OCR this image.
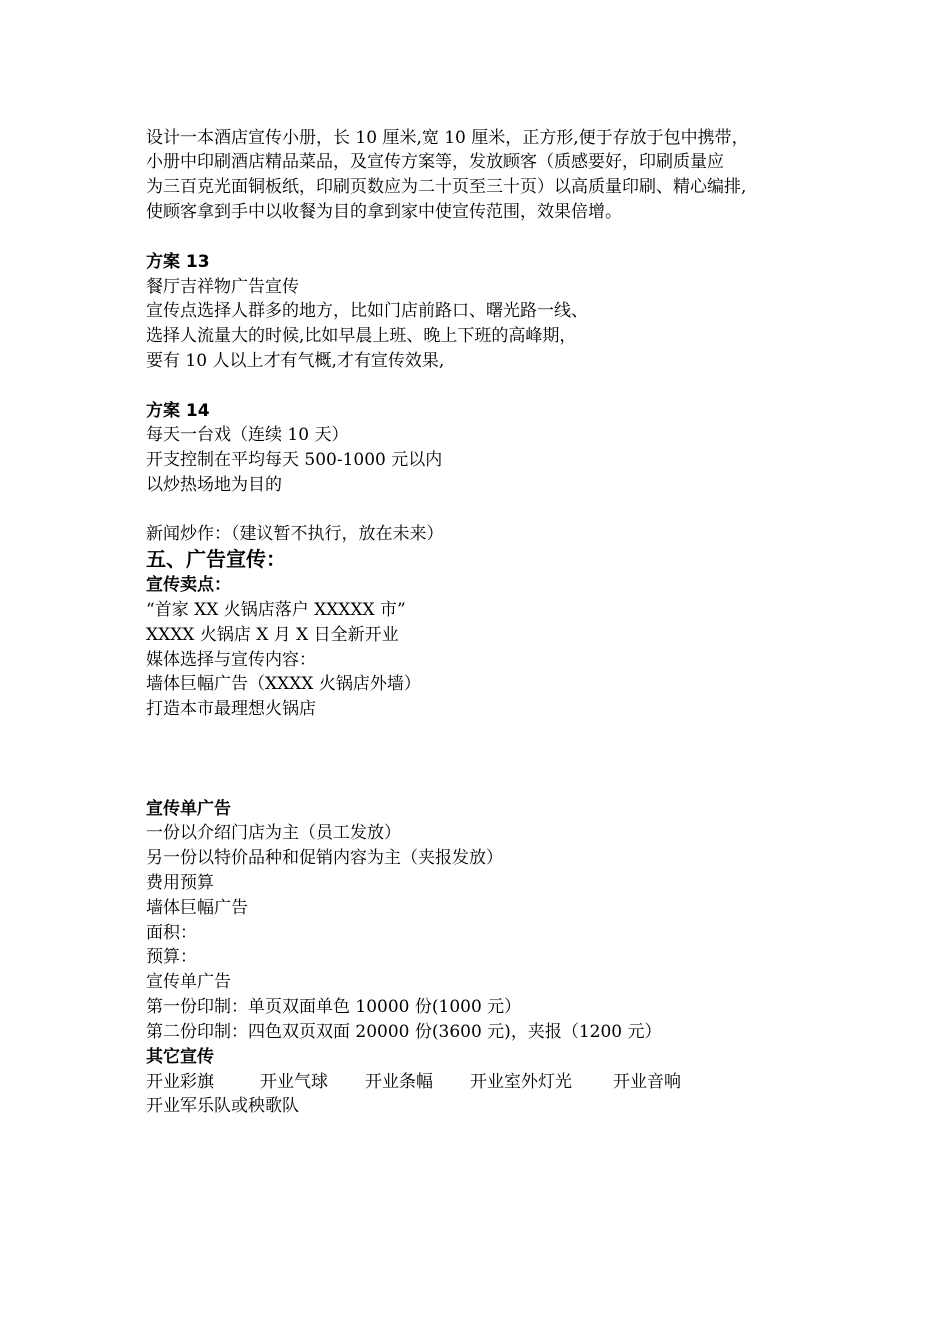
设计一本酒店宣传小册，长 10 厘米,宽 10 厘米，正方形,便于存放于包中携带，

小册中印刷酒店精品菜品，及宣传方案等，发放顾客（质感要好，印刷质量应

为三百克光面铜板纸，印刷页数应为二十页至三十页）以高质量印刷、精心编排,

使顾客拿到手中以收餐为目的拿到家中使宣传范围，效果倍增。

方案 13

餐厅吉祥物广告宣传

宣传点选择人群多的地方，比如门店前路口、曙光路一线、

选择人流量大的时候,比如早晨上班、晚上下班的高峰期，

要有 10 人以上才有气概,才有宣传效果,

方案 14

每天一台戏（连续 10 天）

开支控制在平均每天 500-1000 元以内

以炒热场地为目的

新闻炒作：（建议暂不执行，放在未来）

五、广告宣传：

宣传卖点：

“首家 XX 火锅店落户 XXXXX 市”

XXXX 火锅店 X 月 X 日全新开业

媒体选择与宣传内容：

墙体巨幅广告（XXXX 火锅店外墙）

打造本市最理想火锅店

宣传单广告

一份以介绍门店为主（员工发放）

另一份以特价品种和促销内容为主（夹报发放）

费用预算

墙体巨幅广告

面积：

预算：

宣传单广告

第一份印制：单页双面单色 10000 份(1000 元）

第二份印制：四色双页双面 20000 份(3600 元)，夹报（1200 元）

其它宣传

开业彩旗	开业气球	开业条幅	开业室外灯光	开业音响

开业军乐队或秧歌队
